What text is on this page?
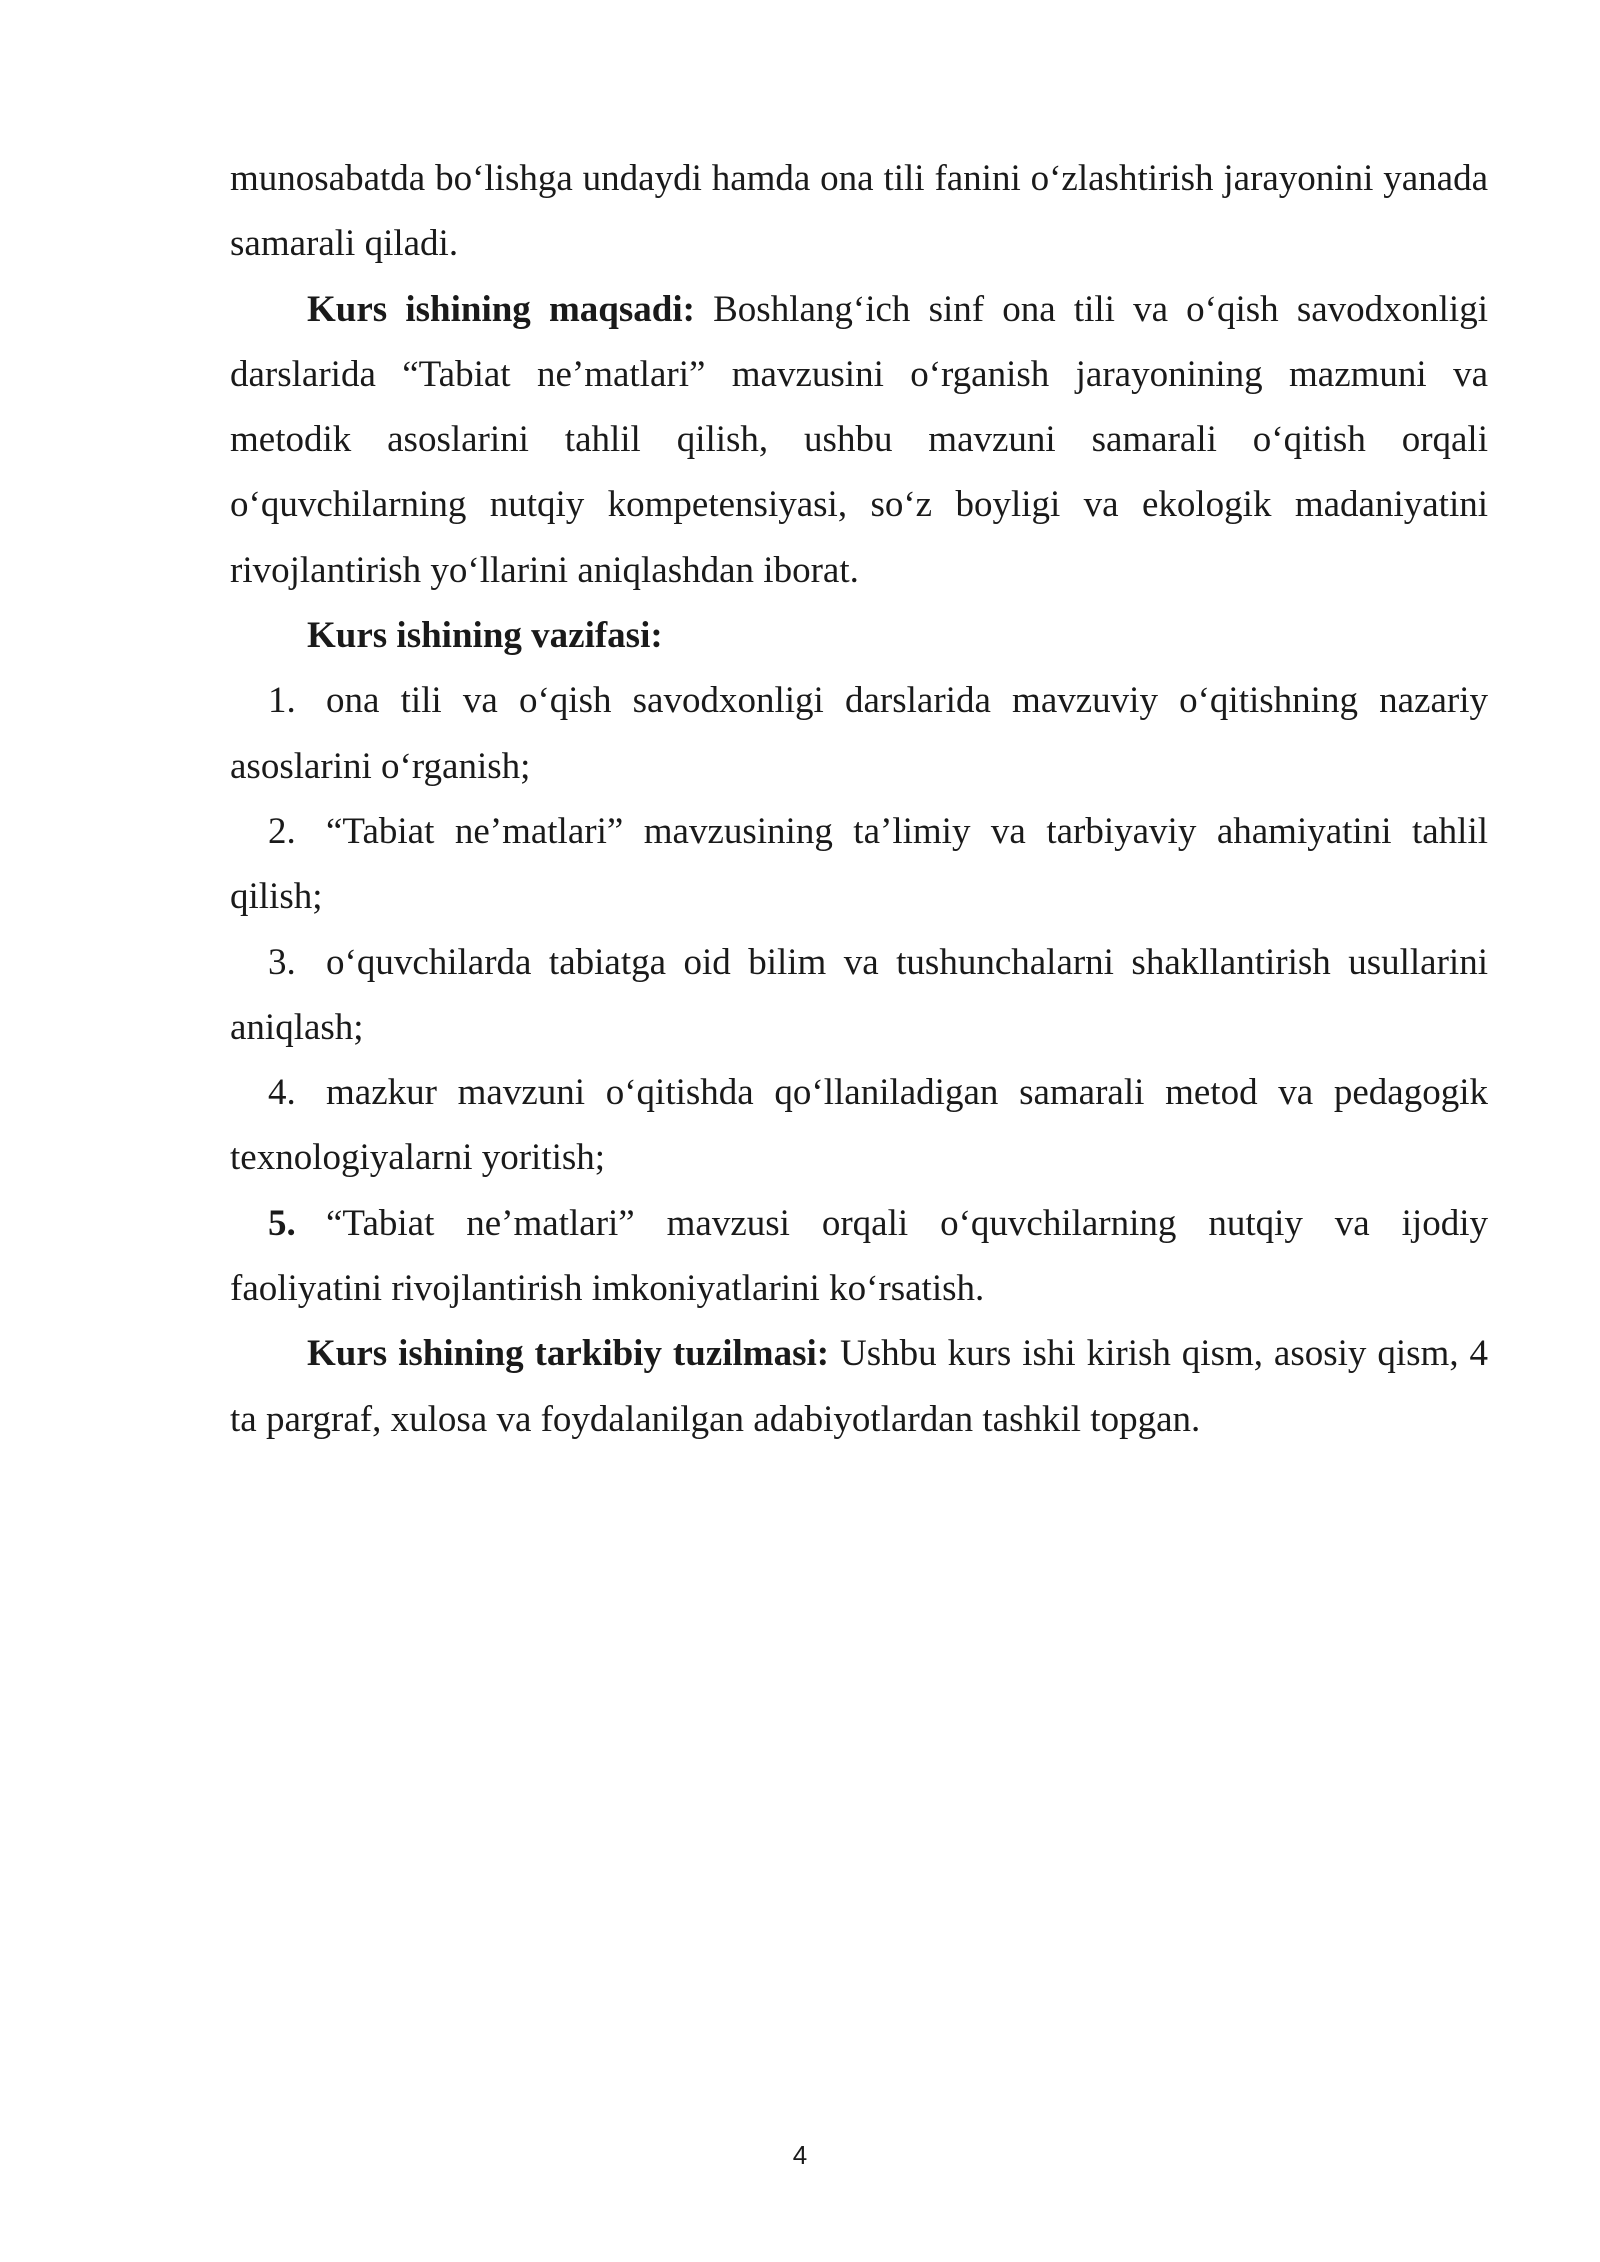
munosabatda bo‘lishga undaydi hamda ona tili fanini o‘zlashtirish jarayonini yanada samarali qiladi.

Kurs ishining maqsadi: Boshlang‘ich sinf ona tili va o‘qish savodxonligi darslarida “Tabiat ne’matlari” mavzusini o‘rganish jarayonining mazmuni va metodik asoslarini tahlil qilish, ushbu mavzuni samarali o‘qitish orqali o‘quvchilarning nutqiy kompetensiyasi, so‘z boyligi va ekologik madaniyatini rivojlantirish yo‘llarini aniqlashdan iborat.

Kurs ishining vazifasi:

1. ona tili va o‘qish savodxonligi darslarida mavzuviy o‘qitishning nazariy asoslarini o‘rganish;

2. “Tabiat ne’matlari” mavzusining ta’limiy va tarbiyaviy ahamiyatini tahlil qilish;

3. o‘quvchilarda tabiatga oid bilim va tushunchalarni shakllantirish usullarini aniqlash;

4. mazkur mavzuni o‘qitishda qo‘llaniladigan samarali metod va pedagogik texnologiyalarni yoritish;

5. “Tabiat ne’matlari” mavzusi orqali o‘quvchilarning nutqiy va ijodiy faoliyatini rivojlantirish imkoniyatlarini ko‘rsatish.

Kurs ishining tarkibiy tuzilmasi: Ushbu kurs ishi kirish qism, asosiy qism, 4 ta pargraf, xulosa va foydalanilgan adabiyotlardan tashkil topgan.

4
